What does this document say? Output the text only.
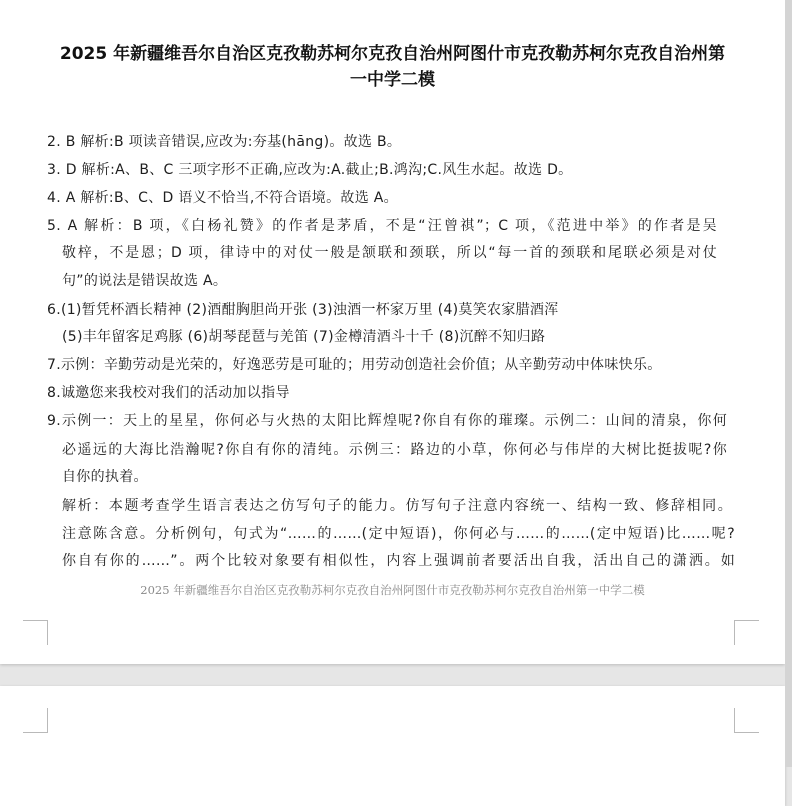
2025 年新疆维吾尔自治区克孜勒苏柯尔克孜自治州阿图什市克孜勒苏柯尔克孜自治州第
一中学二模
2. B 解析:B 项读音错误,应改为:夯基(hāng)。故选 B。
3. D 解析:A、B、C 三项字形不正确,应改为:A.截止;B.鸿沟;C.风生水起。故选 D。
4. A 解析:B、C、D 语义不恰当,不符合语境。故选 A。
5. A 解析：B 项，《白杨礼赞》的作者是茅盾，不是“汪曾祺”；C 项，《范进中举》的作者是吴
敬梓，不是恩；D 项，律诗中的对仗一般是颔联和颈联，所以“每一首的颈联和尾联必须是对仗
句”的说法是错误故选 A。
6.(1)暂凭杯酒长精神 (2)酒酣胸胆尚开张 (3)浊酒一杯家万里 (4)莫笑农家腊酒浑
(5)丰年留客足鸡豚 (6)胡琴琵琶与羌笛 (7)金樽清酒斗十千 (8)沉醉不知归路
7.示例：辛勤劳动是光荣的，好逸恶劳是可耻的；用劳动创造社会价值；从辛勤劳动中体味快乐。
8.诚邀您来我校对我们的活动加以指导
9.示例一：天上的星星，你何必与火热的太阳比辉煌呢?你自有你的璀璨。示例二：山间的清泉，你何
必遥远的大海比浩瀚呢?你自有你的清纯。示例三：路边的小草，你何必与伟岸的大树比挺拔呢?你
自你的执着。
解析：本题考查学生语言表达之仿写句子的能力。仿写句子注意内容统一、结构一致、修辞相同。
注意陈含意。分析例句，句式为“……的……(定中短语)，你何必与……的……(定中短语)比……呢?
你自有你的……”。两个比较对象要有相似性，内容上强调前者要活出自我，活出自己的潇洒。如
2025 年新疆维吾尔自治区克孜勒苏柯尔克孜自治州阿图什市克孜勒苏柯尔克孜自治州第一中学二模
